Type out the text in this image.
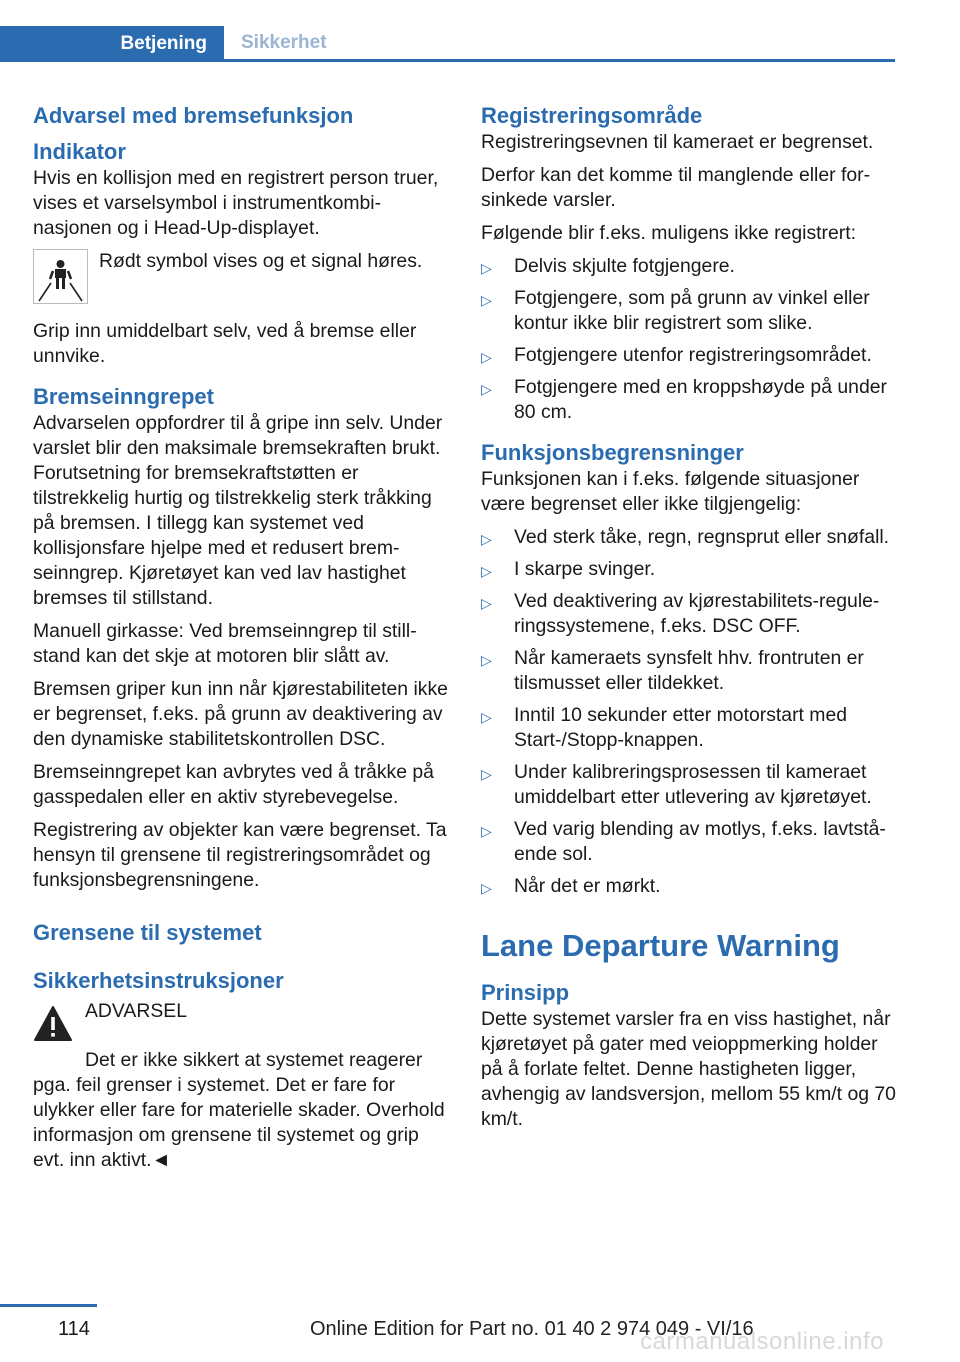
Betjening	Sikkerhet
Advarsel med bremsefunksjon
Indikator

Hvis en kollisjon med en registrert person truer, vises et varselsymbol i instrumentkombinasjonen og i Head-Up-displayet.

Rødt symbol vises og et signal høres.

Grip inn umiddelbart selv, ved å bremse eller unnvike.

Bremseinngrepet

Advarselen oppfordrer til å gripe inn selv. Under varslet blir den maksimale bremsekraften brukt. Forutsetning for bremsekraftstøtten er tilstrekkelig hurtig og tilstrekkelig sterk tråkking på bremsen. I tillegg kan systemet ved kollisjonsfare hjelpe med et redusert bremseinngrep. Kjøretøyet kan ved lav hastighet bremses til stillstand.

Manuell girkasse: Ved bremseinngrep til stillstand kan det skje at motoren blir slått av.

Bremsen griper kun inn når kjørestabiliteten ikke er begrenset, f.eks. på grunn av deaktivering av den dynamiske stabilitetskontrollen DSC.

Bremseinngrepet kan avbrytes ved å tråkke på gasspedalen eller en aktiv styrebevegelse.

Registrering av objekter kan være begrenset. Ta hensyn til grensene til registreringsområdet og funksjonsbegrensningene.

Grensene til systemet
Sikkerhetsinstruksjoner
ADVARSEL

Det er ikke sikkert at systemet reagerer pga. feil grenser i systemet. Det er fare for ulykker eller fare for materielle skader. Overhold informasjon om grensene til systemet og grip evt. inn aktivt.◄

Registreringsområde

Registreringsevnen til kameraet er begrenset.

Derfor kan det komme til manglende eller forsinkede varsler.

Følgende blir f.eks. muligens ikke registrert:

▷ Delvis skjulte fotgjengere.
▷ Fotgjengere, som på grunn av vinkel eller kontur ikke blir registrert som slike.
▷ Fotgjengere utenfor registreringsområdet.
▷ Fotgjengere med en kroppshøyde på under 80 cm.
Funksjonsbegrensninger

Funksjonen kan i f.eks. følgende situasjoner være begrenset eller ikke tilgjengelig:

▷ Ved sterk tåke, regn, regnsprut eller snøfall.
▷ I skarpe svinger.
▷ Ved deaktivering av kjørestabilitets-reguleringssystemene, f.eks. DSC OFF.
▷ Når kameraets synsfelt hhv. frontruten er tilsmusset eller tildekket.
▷ Inntil 10 sekunder etter motorstart med Start-/Stopp-knappen.
▷ Under kalibreringsprosessen til kameraet umiddelbart etter utlevering av kjøretøyet.
▷ Ved varig blending av motlys, f.eks. lavtstående sol.
▷ Når det er mørkt.
Lane Departure Warning
Prinsipp

Dette systemet varsler fra en viss hastighet, når kjøretøyet på gater med veioppmerking holder på å forlate feltet. Denne hastigheten ligger, avhengig av landsversjon, mellom 55 km/t og 70 km/t.

114	Online Edition for Part no. 01 40 2 974 049 - VI/16
carmanualsonline.info
